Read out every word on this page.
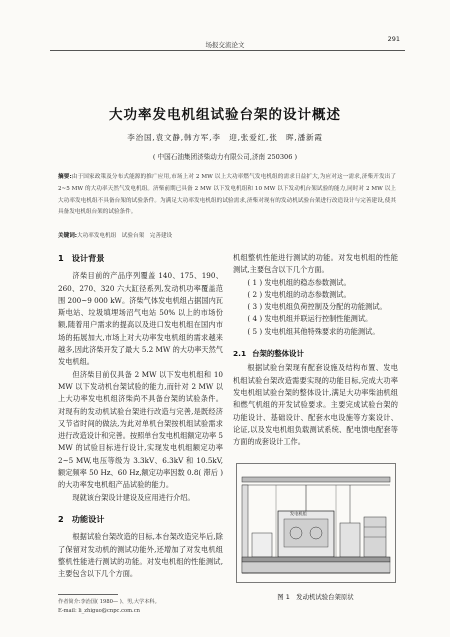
场报交流论文
291
大功率发电机组试验台架的设计概述
李治国,袁文静,韩方军,李　迎,张爱红,张　晖,潘新霞
( 中国石油集团济柴动力有限公司,济南 250306 )
摘要:由于国家政策及分布式能源的推广应用,市场上对 2 MW 以上大功率燃气发电机组的需求日益扩大,为应对这一需求,济柴开发出了 2~5 MW 的大功率天然气发电机组。济柴前期已具备 2 MW 以下发电机组和 10 MW 以下发动机台架试验的能力,同时对 2 MW 以上大功率发电机组不具备台架的试验条件。为满足大功率发电机组的试验需求,济柴对现有的发动机试验台架进行改造设计与完善建设,使其具备发电机组台架的试验条件。
关键词:大功率发电机组　试验台架　完善建设
1 设计背景

济柴目前的产品序列覆盖 140、175、190、260、270、320 六大缸径系列,发动机功率覆盖范围 200~9 000 kW。济柴气体发电机组占据国内瓦斯电站、垃圾填埋场沼气电站 50% 以上的市场份额,随着用户需求的提高以及进口发电机组在国内市场的拓展加大,市场上对大功率发电机组的需求越来越多,因此济柴开发了最大 5.2 MW 的大功率天然气发电机组。

但济柴目前仅具备 2 MW 以下发电机组和 10 MW 以下发动机台架试验的能力,而针对 2 MW 以上大功率发电机组济柴尚不具备台架的试验条件。对现有的发动机试验台架进行改造与完善,是既经济又节省时间的做法,为此对单机台架按机组试验需求进行改造设计和完善。按照单台发电机组额定功率 5 MW 的试验目标进行设计,实现发电机组额定功率 2~5 MW,电压等级为 3.3kV、6.3kV 和 10.5kV,额定频率 50 Hz、60 Hz,额定功率因数 0.8( 滞后 )的大功率发电机组产品试验的能力。

现就该台架设计建设及应用进行介绍。

2 功能设计

根据试验台架改造的目标,本台架改造完毕后,除了保留对发动机的测试功能外,还增加了对发电机组整机性能进行测试的功能。对发电机组的性能测试,主要包含以下几个方面。

机组整机性能进行测试的功能。对发电机组的性能测试,主要包含以下几个方面。

( 1 ) 发电机组的稳态参数测试。
( 2 ) 发电机组的动态参数测试。
( 3 ) 发电机组负荷控制及分配的功能测试。
( 4 ) 发电机组并联运行控制性能测试。
( 5 ) 发电机组其他特殊要求的功能测试。
2.1 台架的整体设计

根据试验台架现有配套设施及结构布置、发电机组试验台架改造需要实现的功能目标,完成大功率发电机组试验台架的整体设计,满足大功率柴油机组和燃气机组的开发试验要求。主要完成试验台架的功能设计、基础设计、配套水电设施等方案设计、论证,以及发电机组负载测试系统、配电馈电配套等方面的成套设计工作。

发电机组
图 1　发动机试验台架原状
作者简介:李治国( 1980— )、男,大学本科。
E-mail: li_zhiguo@cnpc.com.cn
